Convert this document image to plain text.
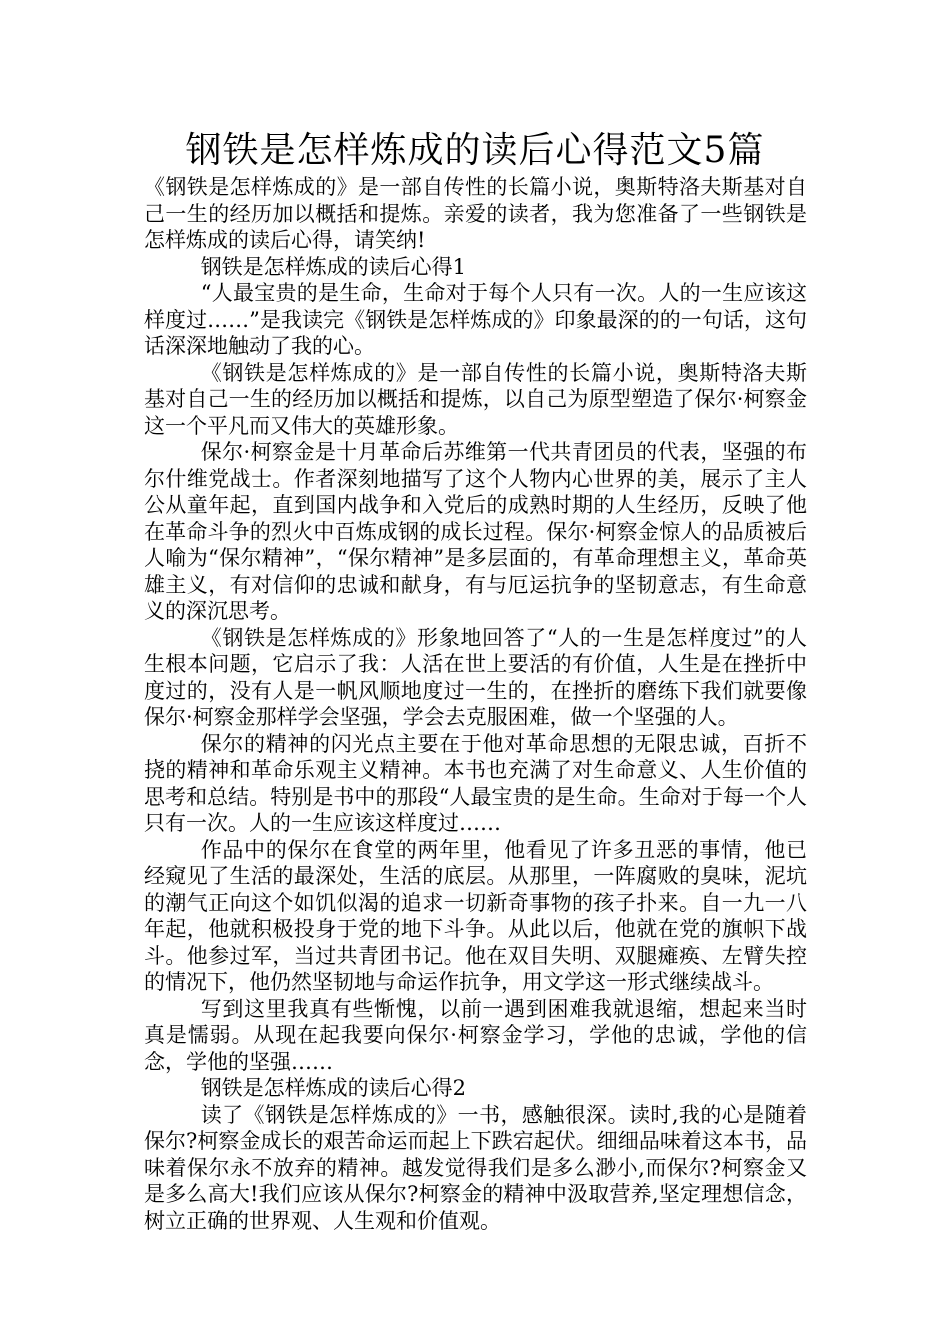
钢铁是怎样炼成的读后心得范文5篇

《钢铁是怎样炼成的》是一部自传性的长篇小说，奥斯特洛夫斯基对自己一生的经历加以概括和提炼。亲爱的读者，我为您准备了一些钢铁是怎样炼成的读后心得，请笑纳!

钢铁是怎样炼成的读后心得1

“人最宝贵的是生命，生命对于每个人只有一次。人的一生应该这样度过……”是我读完《钢铁是怎样炼成的》印象最深的的一句话，这句话深深地触动了我的心。

《钢铁是怎样炼成的》是一部自传性的长篇小说，奥斯特洛夫斯基对自己一生的经历加以概括和提炼，以自己为原型塑造了保尔·柯察金这一个平凡而又伟大的英雄形象。

保尔·柯察金是十月革命后苏维第一代共青团员的代表，坚强的布尔什维党战士。作者深刻地描写了这个人物内心世界的美，展示了主人公从童年起，直到国内战争和入党后的成熟时期的人生经历，反映了他在革命斗争的烈火中百炼成钢的成长过程。保尔·柯察金惊人的品质被后人喻为“保尔精神”，“保尔精神”是多层面的，有革命理想主义，革命英雄主义，有对信仰的忠诚和献身，有与厄运抗争的坚韧意志，有生命意义的深沉思考。

《钢铁是怎样炼成的》形象地回答了“人的一生是怎样度过”的人生根本问题，它启示了我：人活在世上要活的有价值，人生是在挫折中度过的，没有人是一帆风顺地度过一生的，在挫折的磨练下我们就要像保尔·柯察金那样学会坚强，学会去克服困难，做一个坚强的人。

保尔的精神的闪光点主要在于他对革命思想的无限忠诚，百折不挠的精神和革命乐观主义精神。本书也充满了对生命意义、人生价值的思考和总结。特别是书中的那段“人最宝贵的是生命。生命对于每一个人只有一次。人的一生应该这样度过……

作品中的保尔在食堂的两年里，他看见了许多丑恶的事情，他已经窥见了生活的最深处，生活的底层。从那里，一阵腐败的臭味，泥坑的潮气正向这个如饥似渴的追求一切新奇事物的孩子扑来。自一九一八年起，他就积极投身于党的地下斗争。从此以后，他就在党的旗帜下战斗。他参过军，当过共青团书记。他在双目失明、双腿瘫痪、左臂失控的情况下，他仍然坚韧地与命运作抗争，用文学这一形式继续战斗。

写到这里我真有些惭愧，以前一遇到困难我就退缩，想起来当时真是懦弱。从现在起我要向保尔·柯察金学习，学他的忠诚，学他的信念，学他的坚强……

钢铁是怎样炼成的读后心得2

读了《钢铁是怎样炼成的》一书，感触很深。读时,我的心是随着保尔?柯察金成长的艰苦命运而起上下跌宕起伏。细细品味着这本书，品味着保尔永不放弃的精神。越发觉得我们是多么渺小,而保尔?柯察金又是多么高大!我们应该从保尔?柯察金的精神中汲取营养,坚定理想信念，树立正确的世界观、人生观和价值观。
